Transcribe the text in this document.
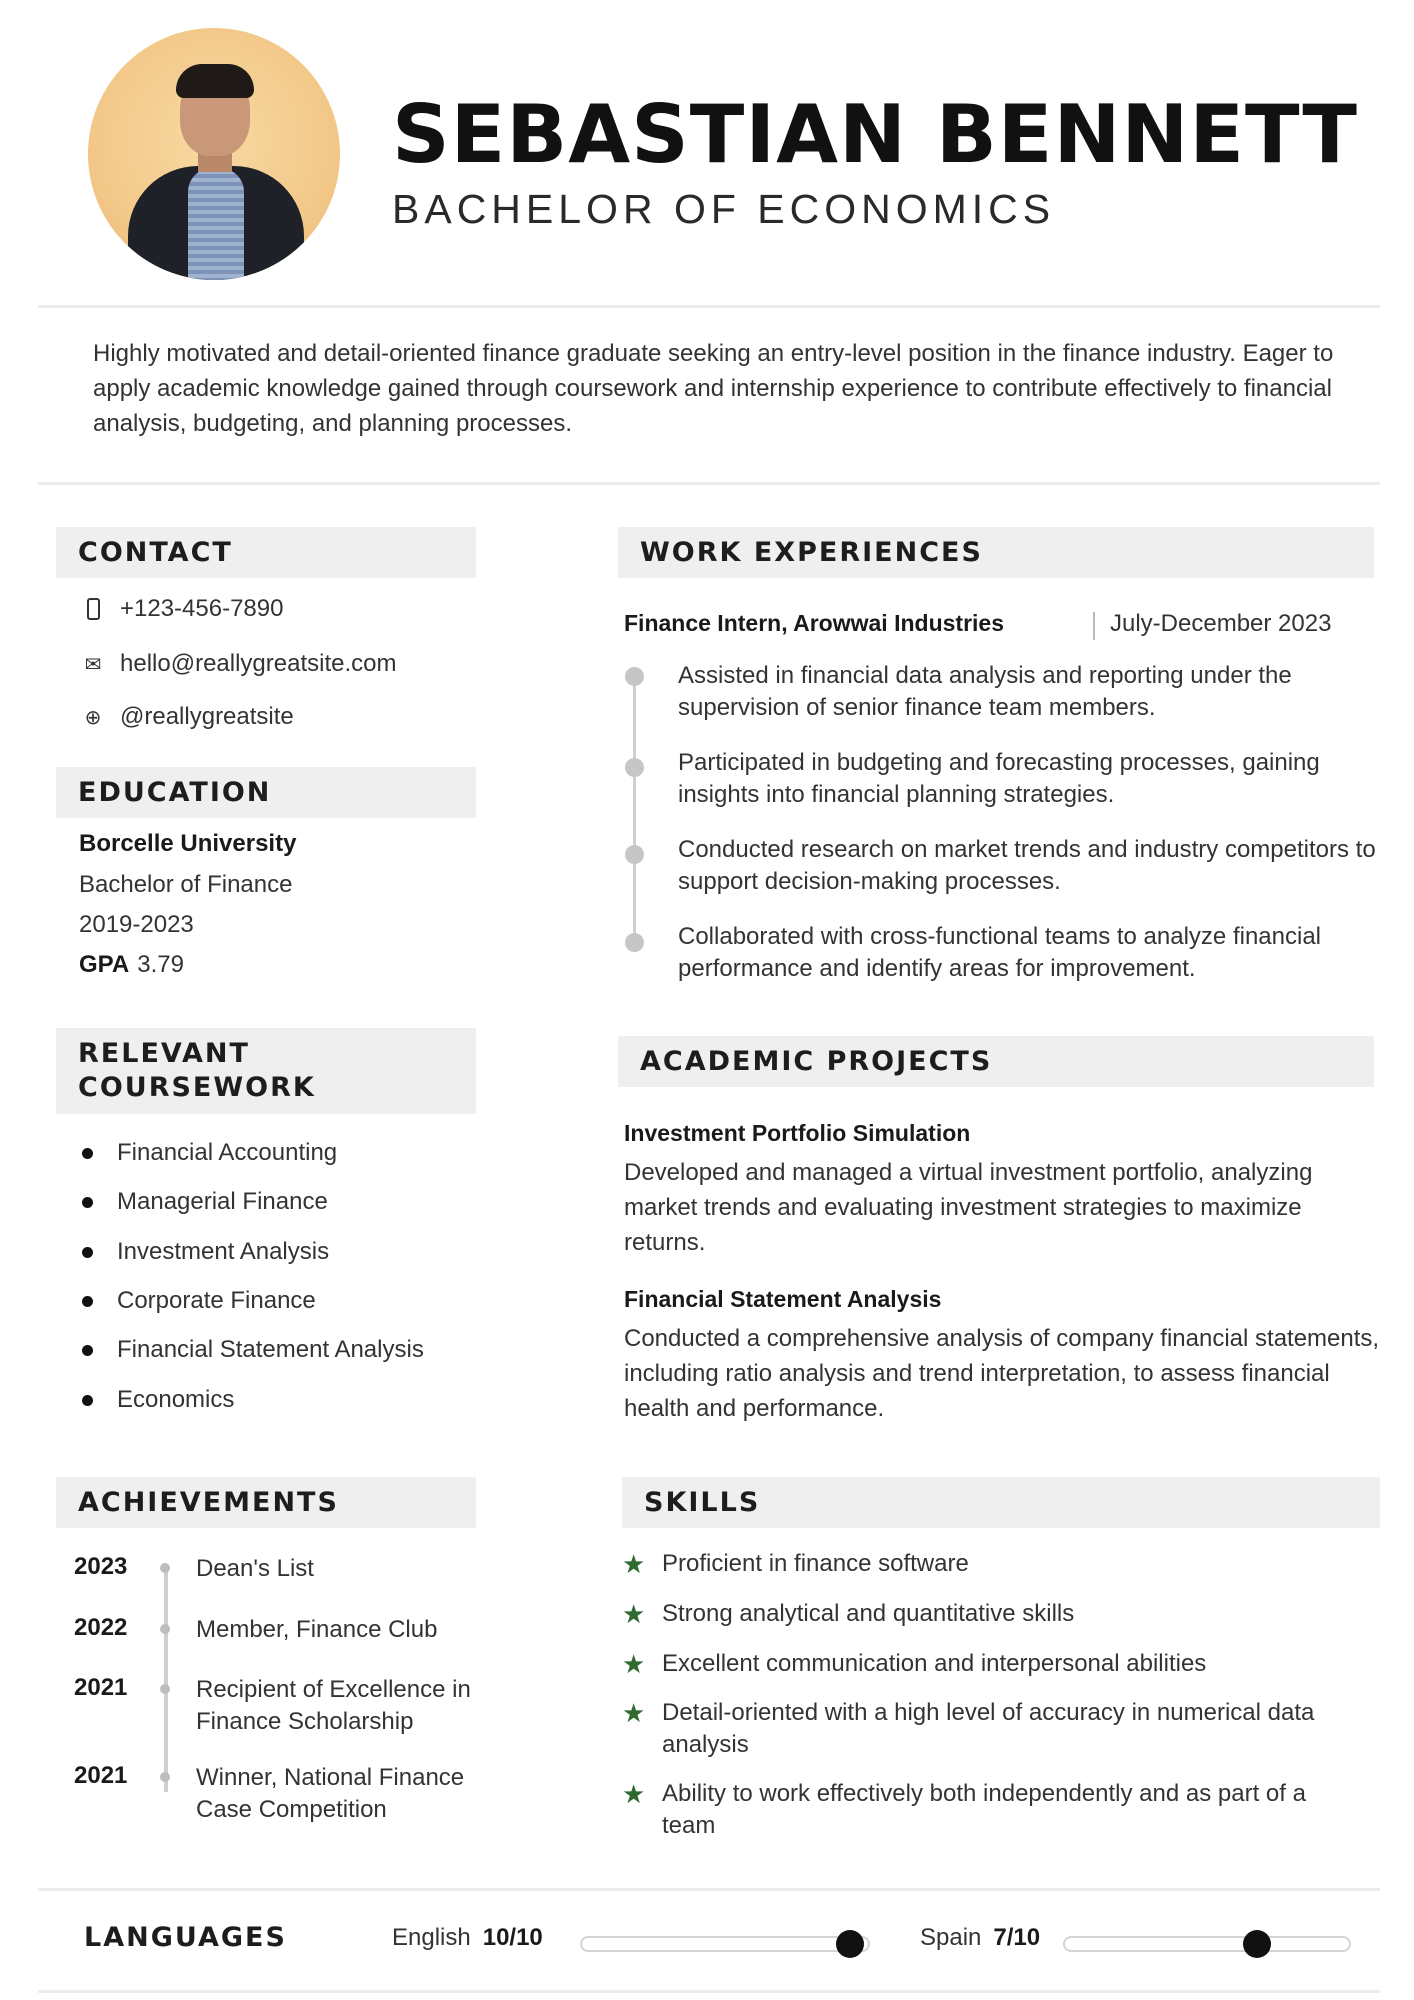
SEBASTIAN BENNETT
BACHELOR OF ECONOMICS
Highly motivated and detail-oriented finance graduate seeking an entry-level position in the finance industry. Eager to apply academic knowledge gained through coursework and internship experience to contribute effectively to financial analysis, budgeting, and planning processes.
CONTACT
+123-456-7890
✉ hello@reallygreatsite.com
⊕ @reallygreatsite
EDUCATION
Borcelle University
Bachelor of Finance
2019-2023
GPA 3.79
RELEVANT
COURSEWORK
Financial Accounting
Managerial Finance
Investment Analysis
Corporate Finance
Financial Statement Analysis
Economics
ACHIEVEMENTS
2023	Dean's List
2022	Member, Finance Club
2021	Recipient of Excellence in Finance Scholarship
2021	Winner, National Finance Case Competition
WORK EXPERIENCES
Finance Intern, Arowwai Industries	July-December 2023
Assisted in financial data analysis and reporting under the supervision of senior finance team members.
Participated in budgeting and forecasting processes, gaining insights into financial planning strategies.
Conducted research on market trends and industry competitors to support decision-making processes.
Collaborated with cross-functional teams to analyze financial performance and identify areas for improvement.
ACADEMIC PROJECTS
Investment Portfolio Simulation
Developed and managed a virtual investment portfolio, analyzing market trends and evaluating investment strategies to maximize returns.
Financial Statement Analysis
Conducted a comprehensive analysis of company financial statements, including ratio analysis and trend interpretation, to assess financial health and performance.
SKILLS
★ Proficient in finance software
★ Strong analytical and quantitative skills
★ Excellent communication and interpersonal abilities
★ Detail-oriented with a high level of accuracy in numerical data analysis
★ Ability to work effectively both independently and as part of a team
LANGUAGES	English 10/10	Spain 7/10
